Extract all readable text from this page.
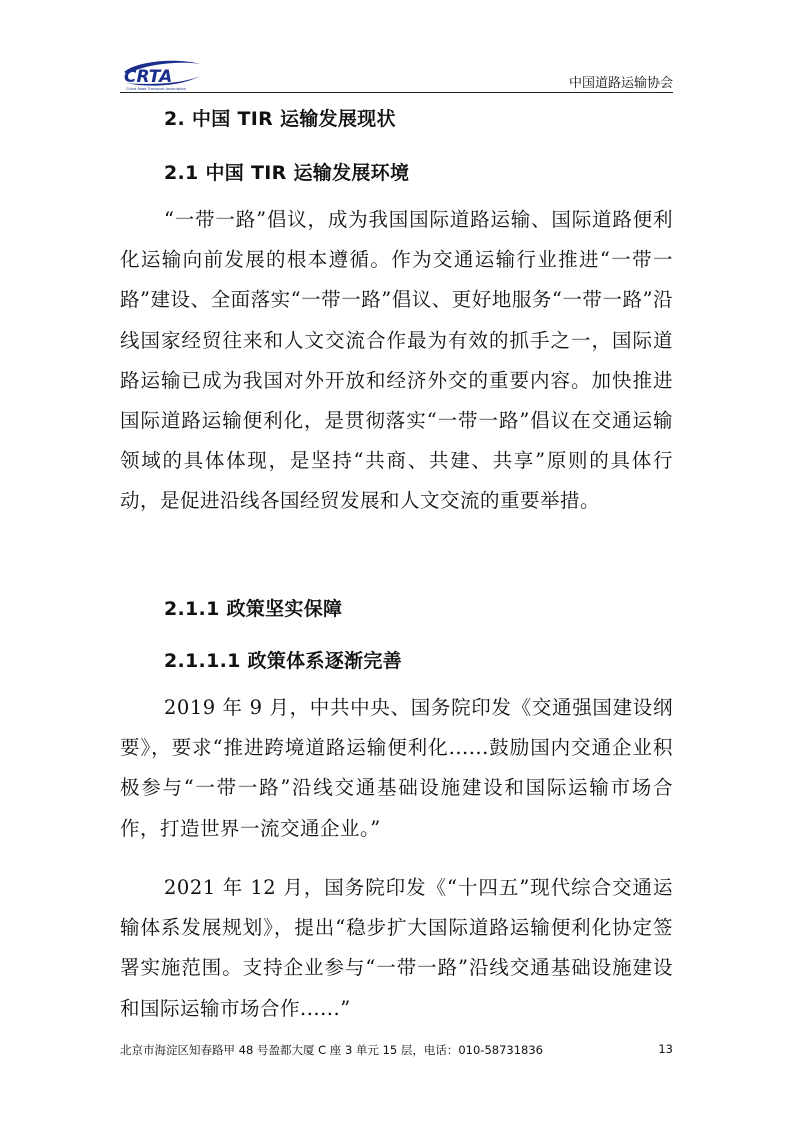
CRTA
China Road Transport Association	中国道路运输协会
2. 中国 TIR 运输发展现状
2.1 中国 TIR 运输发展环境

“一带一路”倡议，成为我国国际道路运输、国际道路便利化运输向前发展的根本遵循。作为交通运输行业推进“一带一路”建设、全面落实“一带一路”倡议、更好地服务“一带一路”沿线国家经贸往来和人文交流合作最为有效的抓手之一，国际道路运输已成为我国对外开放和经济外交的重要内容。加快推进国际道路运输便利化，是贯彻落实“一带一路”倡议在交通运输领域的具体体现，是坚持“共商、共建、共享”原则的具体行动，是促进沿线各国经贸发展和人文交流的重要举措。

2.1.1 政策坚实保障
2.1.1.1 政策体系逐渐完善

2019 年 9 月，中共中央、国务院印发《交通强国建设纲要》，要求“推进跨境道路运输便利化......鼓励国内交通企业积极参与“一带一路”沿线交通基础设施建设和国际运输市场合作，打造世界一流交通企业。”

2021 年 12 月，国务院印发《“十四五”现代综合交通运输体系发展规划》，提出“稳步扩大国际道路运输便利化协定签署实施范围。支持企业参与“一带一路”沿线交通基础设施建设和国际运输市场合作......”

北京市海淀区知春路甲 48 号盈都大厦 C 座 3 单元 15 层，电话：010-58731836	13
